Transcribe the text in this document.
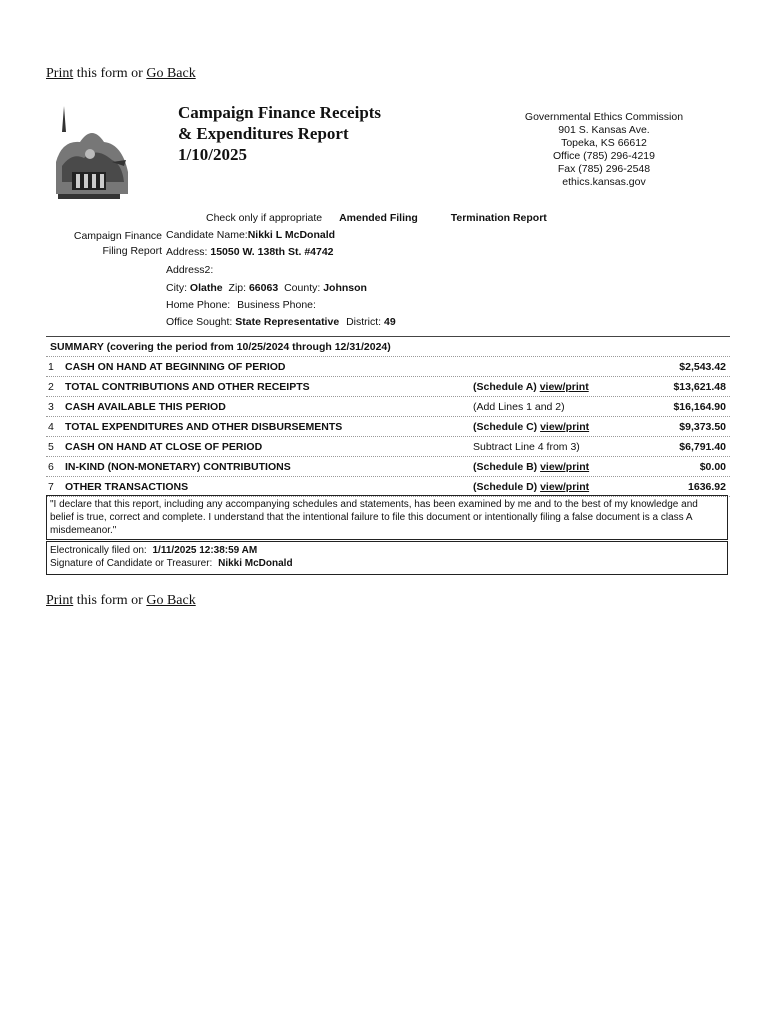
Print this form or Go Back
Campaign Finance Receipts
& Expenditures Report
1/10/2025
Governmental Ethics Commission
901 S. Kansas Ave.
Topeka, KS 66612
Office (785) 296-4219
Fax (785) 296-2548
ethics.kansas.gov
Check only if appropriate Amended Filing	Termination Report
Campaign Finance
Filing Report
Candidate Name:Nikki L McDonald
Address: 15050 W. 138th St. #4742
Address2:
City: Olathe Zip: 66063 County: Johnson
Home Phone: Business Phone:
Office Sought: State Representative District: 49
SUMMARY (covering the period from 10/25/2024 through 12/31/2024)
1 CASH ON HAND AT BEGINNING OF PERIOD	$2,543.42
2 TOTAL CONTRIBUTIONS AND OTHER RECEIPTS	(Schedule A) view/print	$13,621.48
3 CASH AVAILABLE THIS PERIOD	(Add Lines 1 and 2)	$16,164.90
4 TOTAL EXPENDITURES AND OTHER DISBURSEMENTS	(Schedule C) view/print	$9,373.50
5 CASH ON HAND AT CLOSE OF PERIOD	Subtract Line 4 from 3)	$6,791.40
6 IN-KIND (NON-MONETARY) CONTRIBUTIONS	(Schedule B) view/print	$0.00
7 OTHER TRANSACTIONS	(Schedule D) view/print	1636.92
"I declare that this report, including any accompanying schedules and statements, has been examined by me and to the best of my knowledge and belief is true, correct and complete. I understand that the intentional failure to file this document or intentionally filing a false document is a class A misdemeanor."
Electronically filed on: 1/11/2025 12:38:59 AM
Signature of Candidate or Treasurer: Nikki McDonald
Print this form or Go Back
